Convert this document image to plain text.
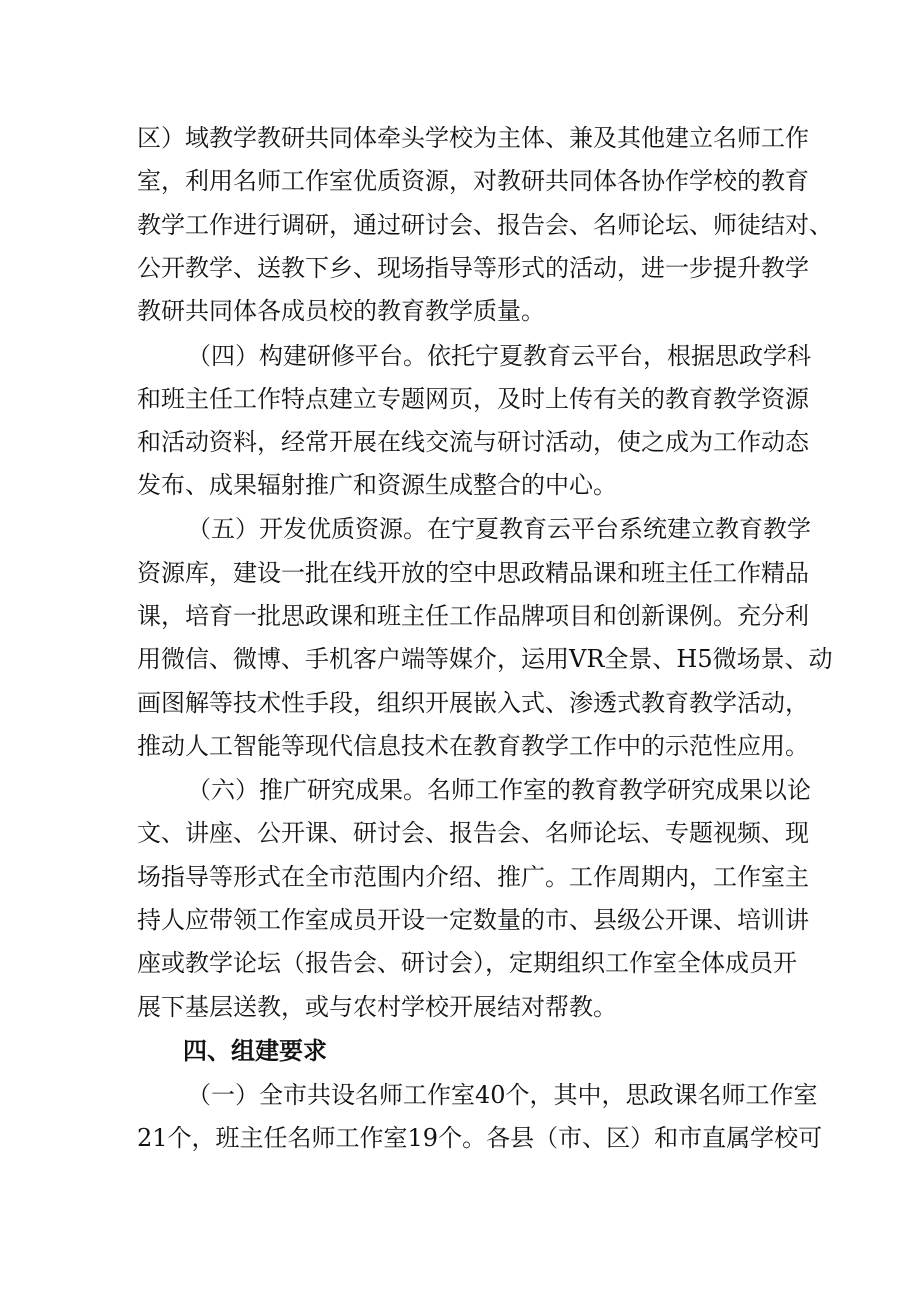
区）域教学教研共同体牵头学校为主体、兼及其他建立名师工作
室，利用名师工作室优质资源，对教研共同体各协作学校的教育
教学工作进行调研，通过研讨会、报告会、名师论坛、师徒结对、
公开教学、送教下乡、现场指导等形式的活动，进一步提升教学
教研共同体各成员校的教育教学质量。
（四）构建研修平台。依托宁夏教育云平台，根据思政学科
和班主任工作特点建立专题网页，及时上传有关的教育教学资源
和活动资料，经常开展在线交流与研讨活动，使之成为工作动态
发布、成果辐射推广和资源生成整合的中心。
（五）开发优质资源。在宁夏教育云平台系统建立教育教学
资源库，建设一批在线开放的空中思政精品课和班主任工作精品
课，培育一批思政课和班主任工作品牌项目和创新课例。充分利
用微信、微博、手机客户端等媒介，运用VR全景、H5微场景、动
画图解等技术性手段，组织开展嵌入式、渗透式教育教学活动，
推动人工智能等现代信息技术在教育教学工作中的示范性应用。
（六）推广研究成果。名师工作室的教育教学研究成果以论
文、讲座、公开课、研讨会、报告会、名师论坛、专题视频、现
场指导等形式在全市范围内介绍、推广。工作周期内，工作室主
持人应带领工作室成员开设一定数量的市、县级公开课、培训讲
座或教学论坛（报告会、研讨会），定期组织工作室全体成员开
展下基层送教，或与农村学校开展结对帮教。
四、组建要求
（一）全市共设名师工作室40个，其中，思政课名师工作室
21个，班主任名师工作室19个。各县（市、区）和市直属学校可
